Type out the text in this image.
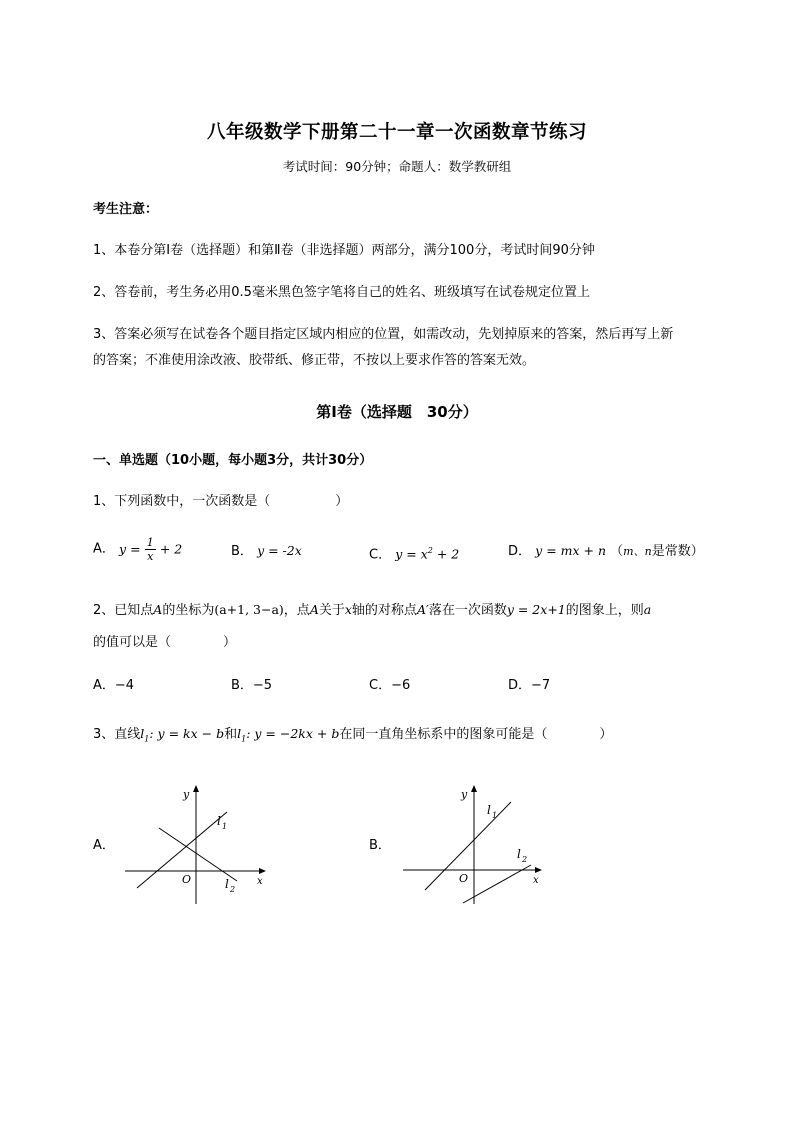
八年级数学下册第二十一章一次函数章节练习
考试时间：90分钟；命题人：数学教研组
考生注意：
1、本卷分第I卷（选择题）和第Ⅱ卷（非选择题）两部分，满分100分，考试时间90分钟
2、答卷前，考生务必用0.5毫米黑色签字笔将自己的姓名、班级填写在试卷规定位置上
3、答案必须写在试卷各个题目指定区域内相应的位置，如需改动，先划掉原来的答案，然后再写上新
的答案；不准使用涂改液、胶带纸、修正带，不按以上要求作答的答案无效。
第I卷（选择题　30分）
一、单选题（10小题，每小题3分，共计30分）
1、下列函数中，一次函数是（　　　　　）
A． $y = \frac{1}{x} + 2$	B． y = -2x	C． $y = x^2 + 2$	D． y = mx + n （m、n是常数）
2、已知点A的坐标为(a+1, 3−a)，点A关于x轴的对称点A′落在一次函数y = 2x+1的图象上，则a
的值可以是（　　　　）
A．−4	B．−5	C．−6	D．−7
3、直线$l_1$: y = kx − b和$l_1$: y = −2kx + b在同一直角坐标系中的图象可能是（　　　　）
A．	B．
y
x
O
l 1
l 2
y
x
O
l 1
l 2
